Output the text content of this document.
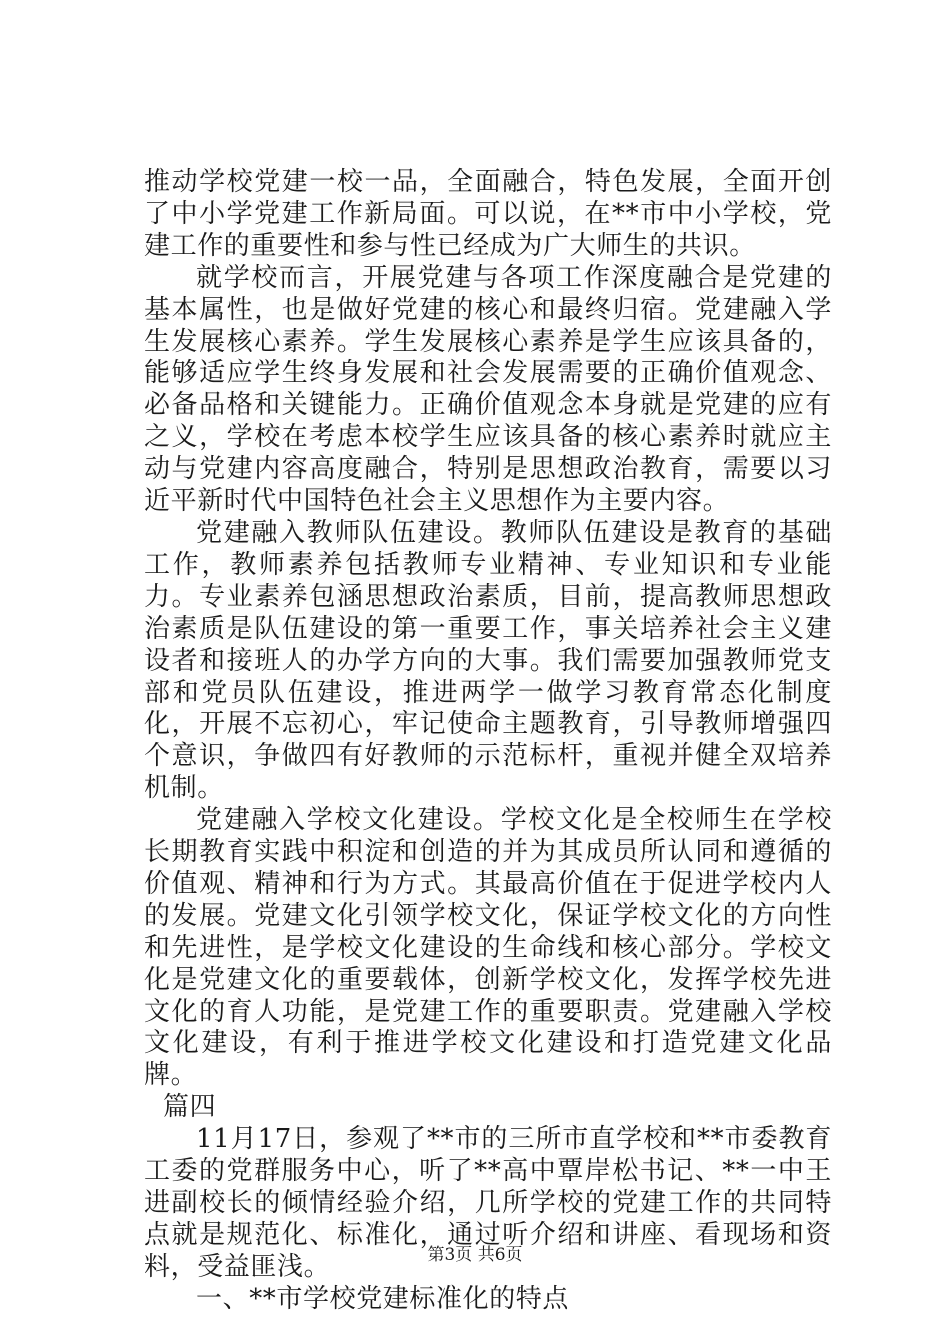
推动学校党建一校一品，全面融合，特色发展，全面开创了中小学党建工作新局面。可以说，在**市中小学校，党建工作的重要性和参与性已经成为广大师生的共识。

就学校而言，开展党建与各项工作深度融合是党建的基本属性，也是做好党建的核心和最终归宿。党建融入学生发展核心素养。学生发展核心素养是学生应该具备的，能够适应学生终身发展和社会发展需要的正确价值观念、必备品格和关键能力。正确价值观念本身就是党建的应有之义，学校在考虑本校学生应该具备的核心素养时就应主动与党建内容高度融合，特别是思想政治教育，需要以习近平新时代中国特色社会主义思想作为主要内容。

党建融入教师队伍建设。教师队伍建设是教育的基础工作，教师素养包括教师专业精神、专业知识和专业能力。专业素养包涵思想政治素质，目前，提高教师思想政治素质是队伍建设的第一重要工作，事关培养社会主义建设者和接班人的办学方向的大事。我们需要加强教师党支部和党员队伍建设，推进两学一做学习教育常态化制度化，开展不忘初心，牢记使命主题教育，引导教师增强四个意识，争做四有好教师的示范标杆，重视并健全双培养机制。

党建融入学校文化建设。学校文化是全校师生在学校长期教育实践中积淀和创造的并为其成员所认同和遵循的价值观、精神和行为方式。其最高价值在于促进学校内人的发展。党建文化引领学校文化，保证学校文化的方向性和先进性，是学校文化建设的生命线和核心部分。学校文化是党建文化的重要载体，创新学校文化，发挥学校先进文化的育人功能，是党建工作的重要职责。党建融入学校文化建设，有利于推进学校文化建设和打造党建文化品牌。

篇四

11月17日，参观了**市的三所市直学校和**市委教育工委的党群服务中心，听了**高中覃岸松书记、**一中王进副校长的倾情经验介绍，几所学校的党建工作的共同特点就是规范化、标准化，通过听介绍和讲座、看现场和资料，受益匪浅。

一、**市学校党建标准化的特点

第3页 共6页
